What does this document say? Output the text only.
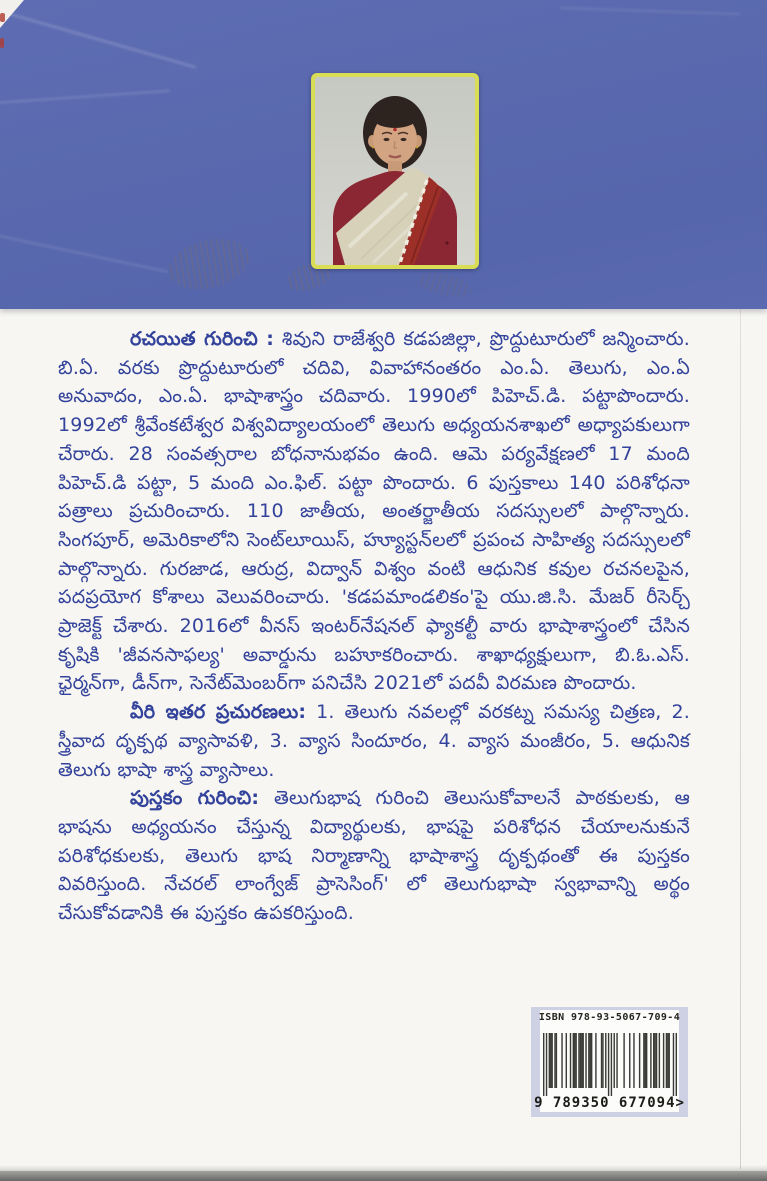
రచయిత గురించి : శివుని రాజేశ్వరి కడపజిల్లా, ప్రొద్దుటూరులో జన్మించారు. బి.ఏ. వరకు ప్రొద్దుటూరులో చదివి, వివాహానంతరం ఎం.ఏ. తెలుగు, ఎం.ఏ అనువాదం, ఎం.ఏ. భాషాశాస్త్రం చదివారు. 1990లో పిహెచ్.డి. పట్టాపొందారు. 1992లో శ్రీవేంకటేశ్వర విశ్వవిద్యాలయంలో తెలుగు అధ్యయనశాఖలో అధ్యాపకులుగా చేరారు. 28 సంవత్సరాల బోధనానుభవం ఉంది. ఆమె పర్యవేక్షణలో 17 మంది పిహెచ్.డి పట్టా, 5 మంది ఎం.ఫిల్. పట్టా పొందారు. 6 పుస్తకాలు 140 పరిశోధనా పత్రాలు ప్రచురించారు. 110 జాతీయ, అంతర్జాతీయ సదస్సులలో పాల్గొన్నారు. సింగపూర్, అమెరికాలోని సెంట్‌లూయిస్, హ్యూస్టన్‌లలో ప్రపంచ సాహిత్య సదస్సులలో పాల్గొన్నారు. గురజాడ, ఆరుద్ర, విద్వాన్ విశ్వం వంటి ఆధునిక కవుల రచనలపైన, పదప్రయోగ కోశాలు వెలువరించారు. 'కడపమాండలికం'పై యు.జి.సి. మేజర్ రీసెర్చ్ ప్రాజెక్ట్ చేశారు. 2016లో వీనస్ ఇంటర్‌నేషనల్ ఫ్యాకల్టీ వారు భాషాశాస్త్రంలో చేసిన కృషికి 'జీవనసాఫల్య' అవార్డును బహూకరించారు. శాఖాధ్యక్షులుగా, బి.ఓ.ఎస్. ఛైర్మన్‌గా, డీన్‌గా, సెనేట్‌మెంబర్‌గా పనిచేసి 2021లో పదవీ విరమణ పొందారు.

వీరి ఇతర ప్రచురణలు: 1. తెలుగు నవలల్లో వరకట్న సమస్య చిత్రణ, 2. స్త్రీవాద దృక్పథ వ్యాసావళి, 3. వ్యాస సిందూరం, 4. వ్యాస మంజీరం, 5. ఆధునిక తెలుగు భాషా శాస్త్ర వ్యాసాలు.

పుస్తకం గురించి: తెలుగుభాష గురించి తెలుసుకోవాలనే పాఠకులకు, ఆ భాషను అధ్యయనం చేస్తున్న విద్యార్థులకు, భాషపై పరిశోధన చేయాలనుకునే పరిశోధకులకు, తెలుగు భాష నిర్మాణాన్ని భాషాశాస్త్ర దృక్పథంతో ఈ పుస్తకం వివరిస్తుంది. నేచరల్ లాంగ్వేజ్ ప్రాసెసింగ్' లో తెలుగుభాషా స్వభావాన్ని అర్థం చేసుకోవడానికి ఈ పుస్తకం ఉపకరిస్తుంది.

ISBN 978-93-5067-709-4
9 789350 677094>
